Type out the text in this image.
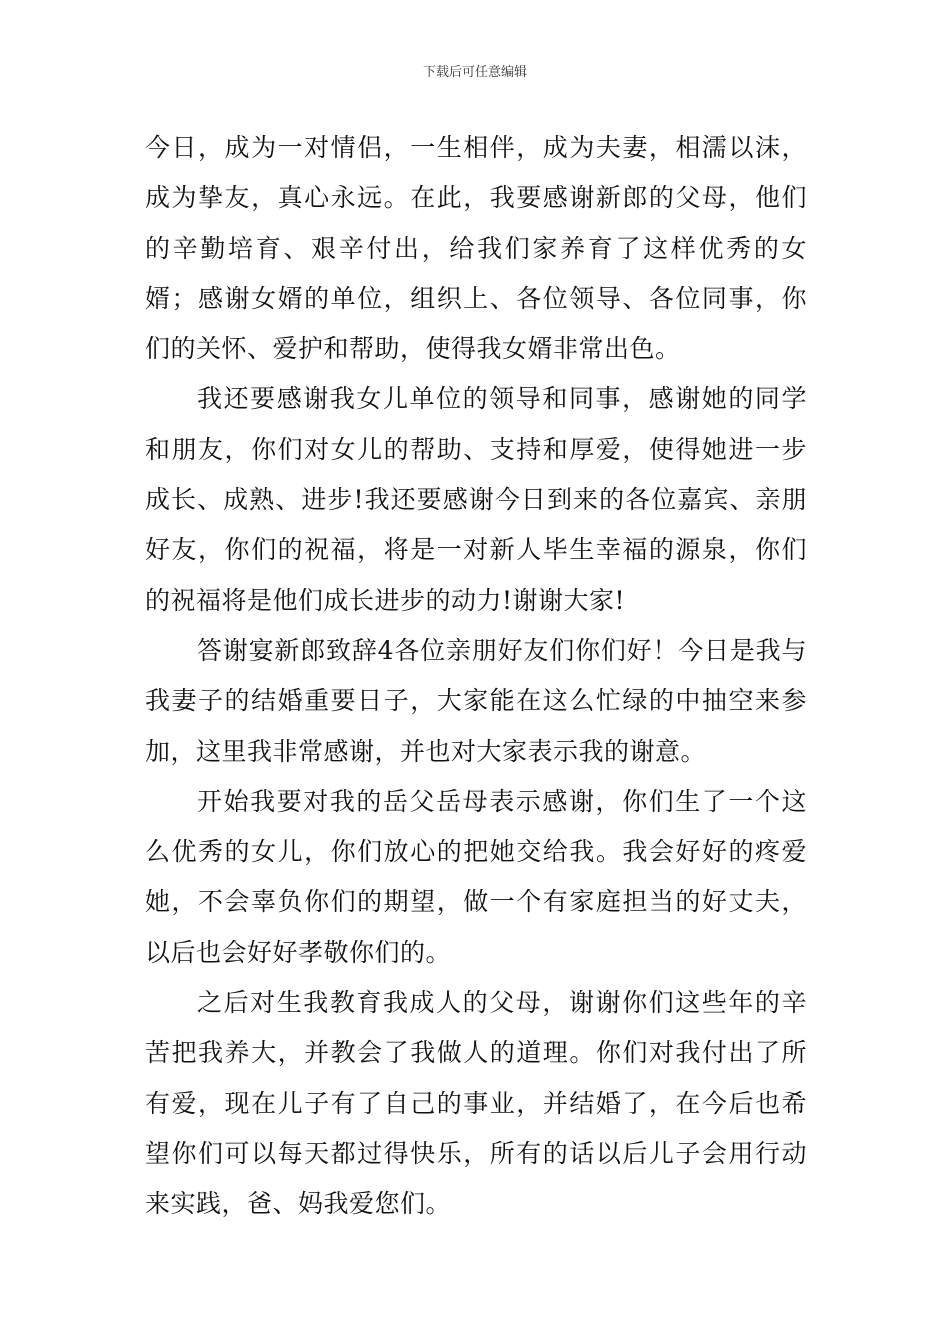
下载后可任意编辑

今日，成为一对情侣，一生相伴，成为夫妻，相濡以沫，成为挚友，真心永远。在此，我要感谢新郎的父母，他们的辛勤培育、艰辛付出，给我们家养育了这样优秀的女婿；感谢女婿的单位，组织上、各位领导、各位同事，你们的关怀、爱护和帮助，使得我女婿非常出色。

我还要感谢我女儿单位的领导和同事，感谢她的同学和朋友，你们对女儿的帮助、支持和厚爱，使得她进一步成长、成熟、进步!我还要感谢今日到来的各位嘉宾、亲朋好友，你们的祝福，将是一对新人毕生幸福的源泉，你们的祝福将是他们成长进步的动力!谢谢大家!

答谢宴新郎致辞4各位亲朋好友们你们好！今日是我与我妻子的结婚重要日子，大家能在这么忙绿的中抽空来参加，这里我非常感谢，并也对大家表示我的谢意。

开始我要对我的岳父岳母表示感谢，你们生了一个这么优秀的女儿，你们放心的把她交给我。我会好好的疼爱她，不会辜负你们的期望，做一个有家庭担当的好丈夫，以后也会好好孝敬你们的。

之后对生我教育我成人的父母，谢谢你们这些年的辛苦把我养大，并教会了我做人的道理。你们对我付出了所有爱，现在儿子有了自己的事业，并结婚了，在今后也希望你们可以每天都过得快乐，所有的话以后儿子会用行动来实践，爸、妈我爱您们。
